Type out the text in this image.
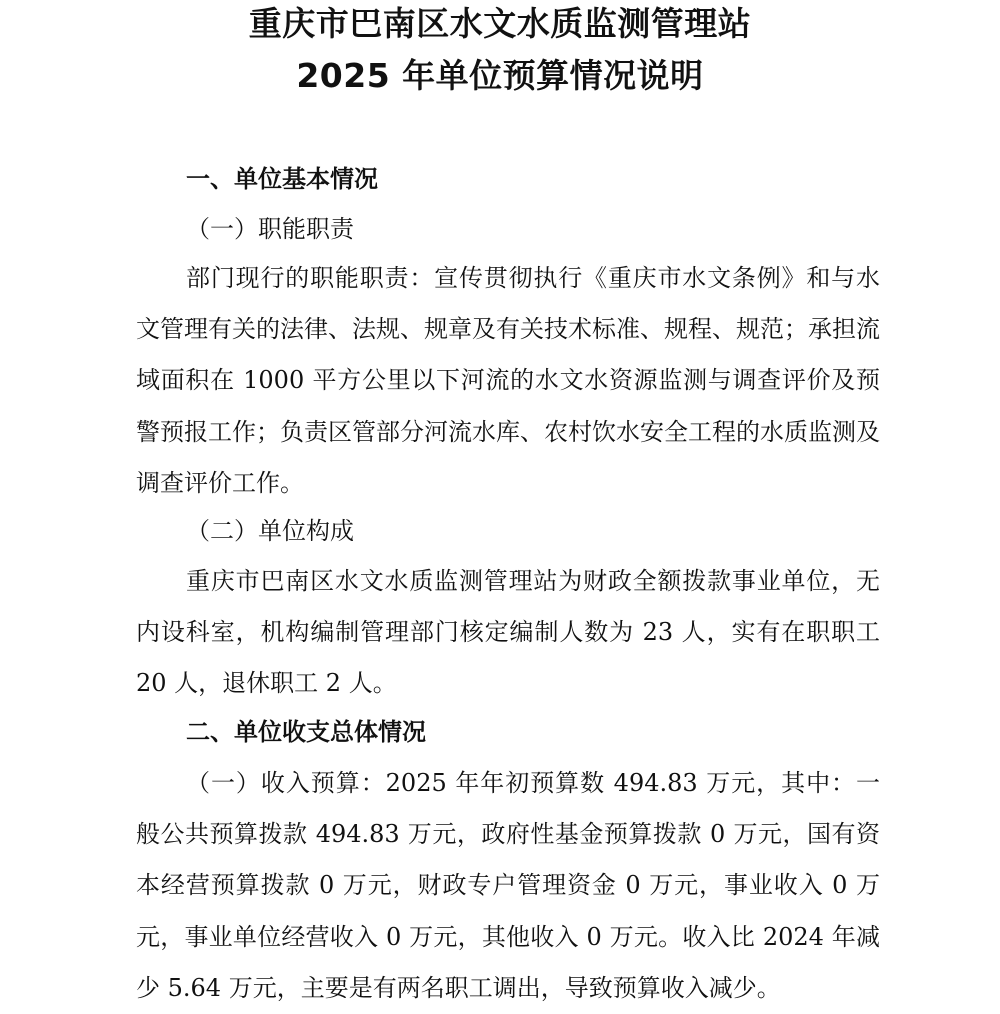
重庆市巴南区水文水质监测管理站
2025 年单位预算情况说明
一、单位基本情况
（一）职能职责
部门现行的职能职责：宣传贯彻执行《重庆市水文条例》和与水文管理有关的法律、法规、规章及有关技术标准、规程、规范；承担流域面积在 1000 平方公里以下河流的水文水资源监测与调查评价及预警预报工作；负责区管部分河流水库、农村饮水安全工程的水质监测及调查评价工作。
（二）单位构成
重庆市巴南区水文水质监测管理站为财政全额拨款事业单位，无内设科室，机构编制管理部门核定编制人数为 23 人，实有在职职工 20 人，退休职工 2 人。
二、单位收支总体情况
（一）收入预算：2025 年年初预算数 494.83 万元，其中：一般公共预算拨款 494.83 万元，政府性基金预算拨款 0 万元，国有资本经营预算拨款 0 万元，财政专户管理资金 0 万元，事业收入 0 万元，事业单位经营收入 0 万元，其他收入 0 万元。收入比 2024 年减少 5.64 万元，主要是有两名职工调出，导致预算收入减少。
